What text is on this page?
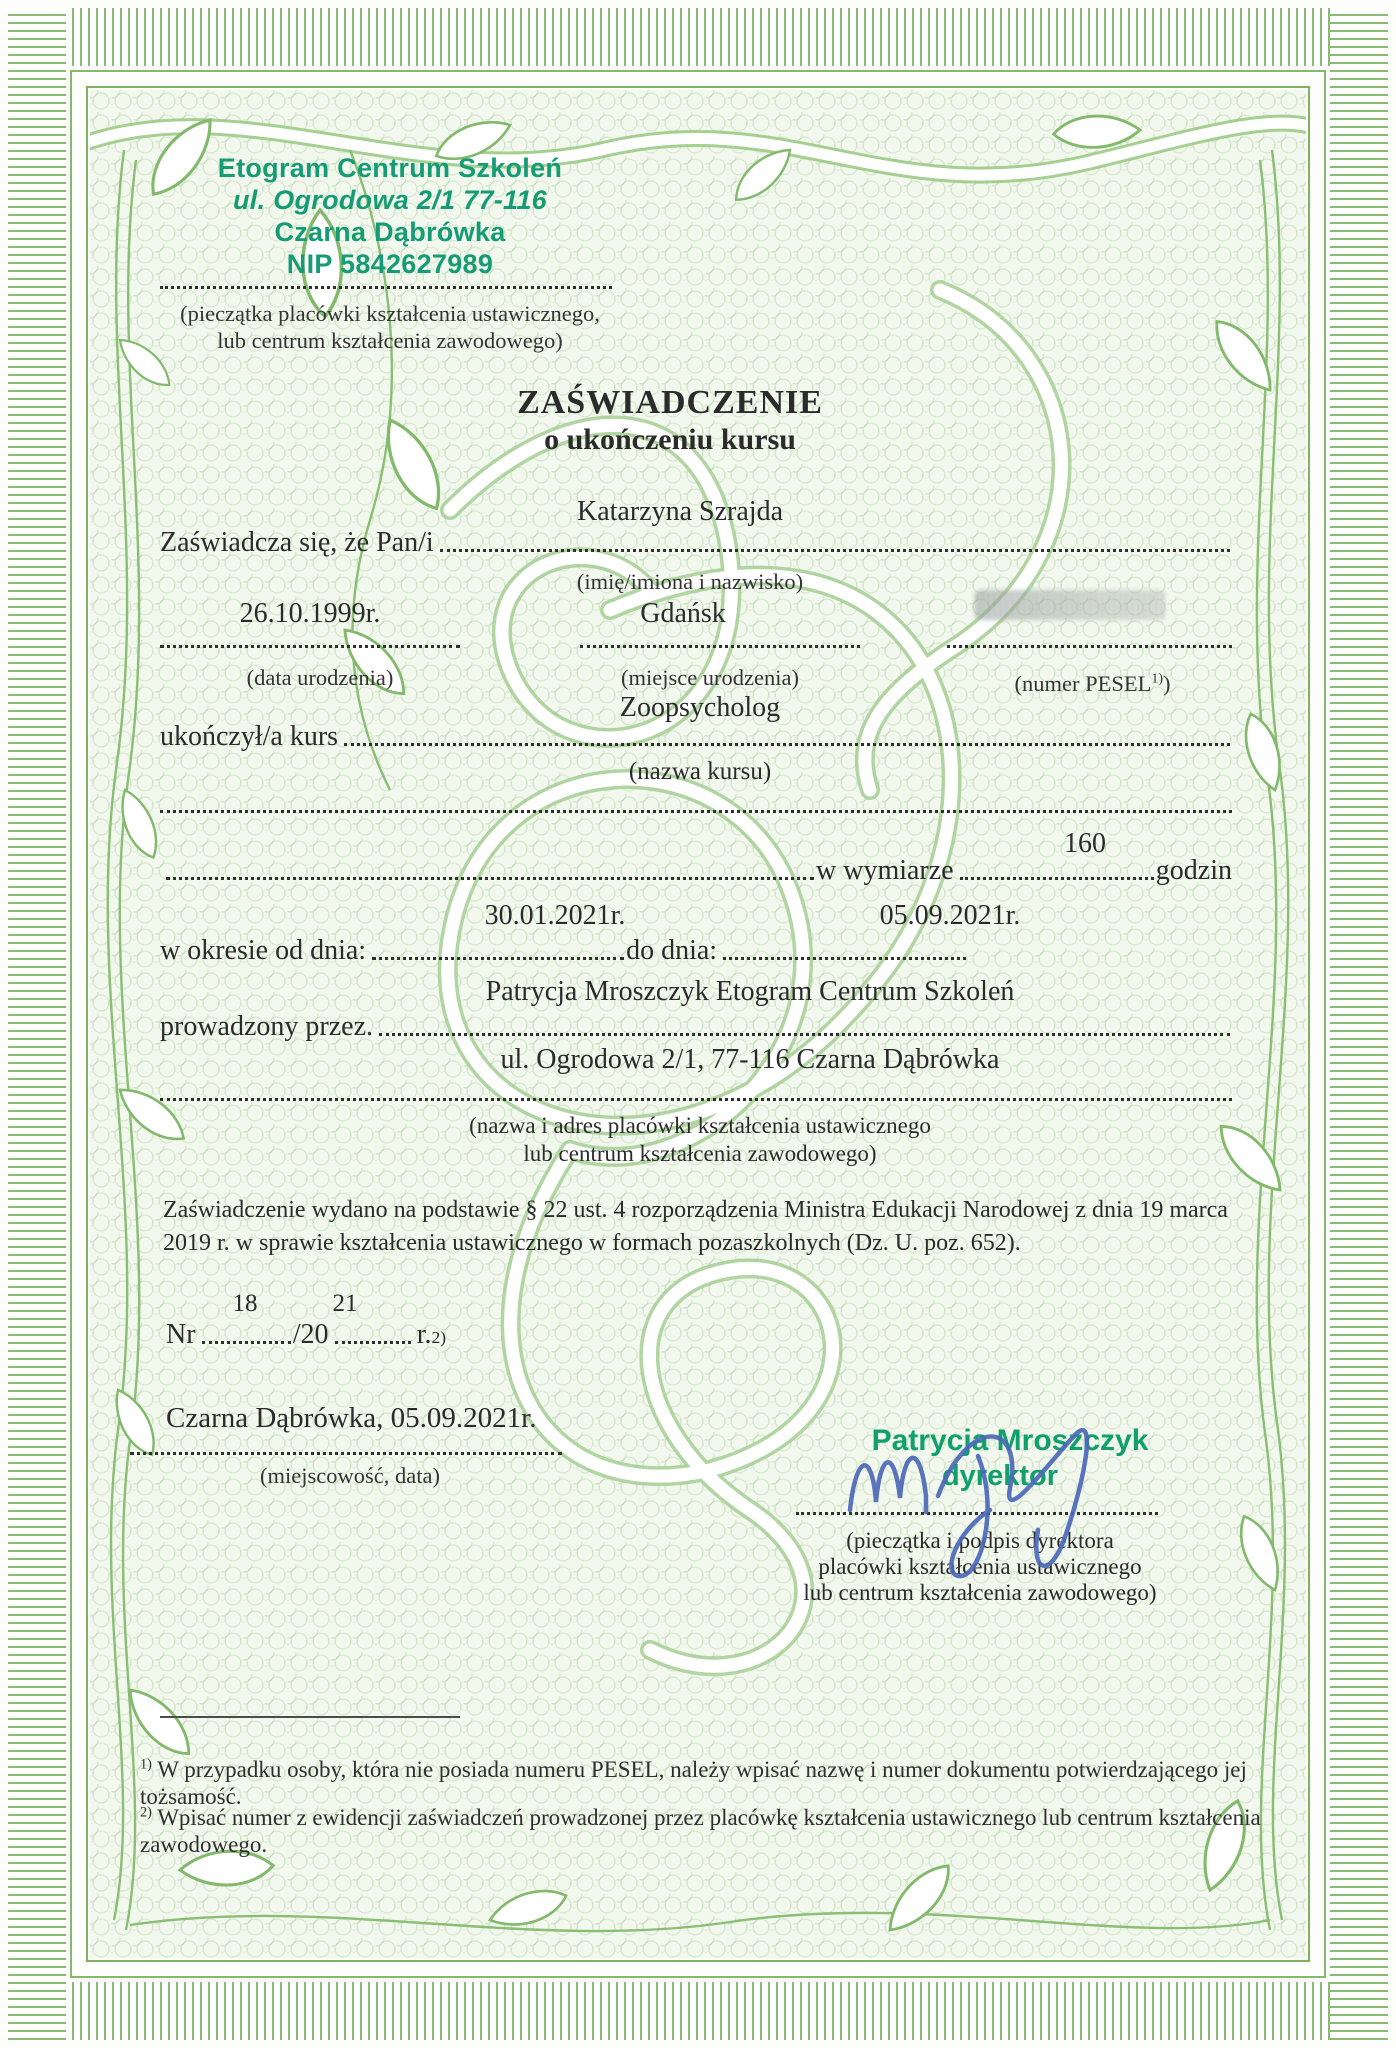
Etogram Centrum Szkoleń
ul. Ogrodowa 2/1 77-116
Czarna Dąbrówka
NIP 5842627989
(pieczątka placówki kształcenia ustawicznego,
lub centrum kształcenia zawodowego)
ZAŚWIADCZENIE
o ukończeniu kursu
Katarzyna Szrajda
Zaświadcza się, że Pan/i
(imię/imiona i nazwisko)
26.10.1999r.	Gdańsk
(data urodzenia)	(miejsce urodzenia)	(numer PESEL$^{1)}$)
Zoopsycholog
ukończył/a kurs
(nazwa kursu)
160
w wymiarze	godzin
30.01.2021r.	05.09.2021r.
w okresie od dnia:	do dnia:
Patrycja Mroszczyk Etogram Centrum Szkoleń
prowadzony przez.
ul. Ogrodowa 2/1, 77-116 Czarna Dąbrówka
(nazwa i adres placówki kształcenia ustawicznego
lub centrum kształcenia zawodowego)
Zaświadczenie wydano na podstawie § 22 ust. 4 rozporządzenia Ministra Edukacji Narodowej z dnia 19 marca 2019 r. w sprawie kształcenia ustawicznego w formach pozaszkolnych (Dz. U. poz. 652).
18	21
Nr	/20	r. 2)
Czarna Dąbrówka, 05.09.2021r.
(miejscowość, data)
Patrycja Mroszczyk
dyrektor
(pieczątka i podpis dyrektora
placówki kształcenia ustawicznego
lub centrum kształcenia zawodowego)
$^{1)}$ W przypadku osoby, która nie posiada numeru PESEL, należy wpisać nazwę i numer dokumentu potwierdzającego jej tożsamość.
$^{2)}$ Wpisać numer z ewidencji zaświadczeń prowadzonej przez placówkę kształcenia ustawicznego lub centrum kształcenia zawodowego.
